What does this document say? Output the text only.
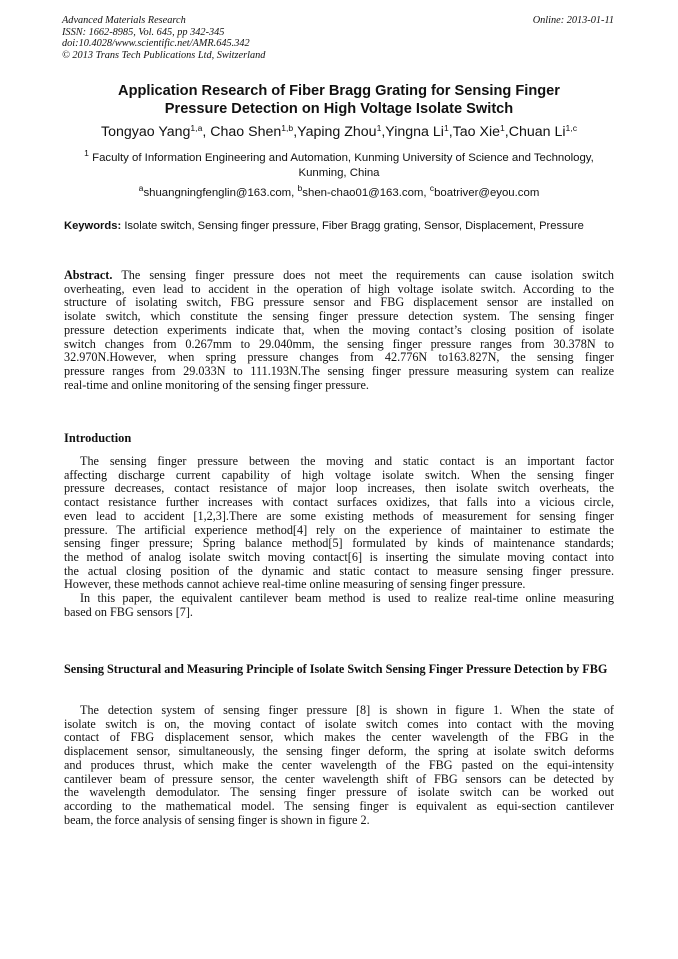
Advanced Materials Research
ISSN: 1662-8985, Vol. 645, pp 342-345
doi:10.4028/www.scientific.net/AMR.645.342
© 2013 Trans Tech Publications Ltd, Switzerland
Online: 2013-01-11
Application Research of Fiber Bragg Grating for Sensing Finger
Pressure Detection on High Voltage Isolate Switch
Tongyao Yang$^{1,a}$, Chao Shen$^{1,b}$,Yaping Zhou$^1$,Yingna Li$^1$,Tao Xie$^1$,Chuan Li$^{1,c}$
$^1$ Faculty of Information Engineering and Automation, Kunming University of Science and Technology, Kunming, China
$^a$shuangningfenglin@163.com, $^b$shen-chao01@163.com, $^c$boatriver@eyou.com
Keywords: Isolate switch, Sensing finger pressure, Fiber Bragg grating, Sensor, Displacement, Pressure
Abstract. The sensing finger pressure does not meet the requirements can cause isolation switch
overheating, even lead to accident in the operation of high voltage isolate switch. According to the
structure of isolating switch, FBG pressure sensor and FBG displacement sensor are installed on
isolate switch, which constitute the sensing finger pressure detection system. The sensing finger
pressure detection experiments indicate that, when the moving contact’s closing position of isolate
switch changes from 0.267mm to 29.040mm, the sensing finger pressure ranges from 30.378N to
32.970N.However, when spring pressure changes from 42.776N to163.827N, the sensing finger
pressure ranges from 29.033N to 111.193N.The sensing finger pressure measuring system can realize
real-time and online monitoring of the sensing finger pressure.
Introduction
The sensing finger pressure between the moving and static contact is an important factor
affecting discharge current capability of high voltage isolate switch. When the sensing finger
pressure decreases, contact resistance of major loop increases, then isolate switch overheats, the
contact resistance further increases with contact surfaces oxidizes, that falls into a vicious circle,
even lead to accident [1,2,3].There are some existing methods of measurement for sensing finger
pressure. The artificial experience method[4] rely on the experience of maintainer to estimate the
sensing finger pressure; Spring balance method[5] formulated by kinds of maintenance standards;
the method of analog isolate switch moving contact[6] is inserting the simulate moving contact into
the actual closing position of the dynamic and static contact to measure sensing finger pressure.
However, these methods cannot achieve real-time online measuring of sensing finger pressure.
In this paper, the equivalent cantilever beam method is used to realize real-time online measuring
based on FBG sensors [7].
Sensing Structural and Measuring Principle of Isolate Switch Sensing Finger Pressure Detection by FBG
The detection system of sensing finger pressure [8] is shown in figure 1. When the state of
isolate switch is on, the moving contact of isolate switch comes into contact with the moving
contact of FBG displacement sensor, which makes the center wavelength of the FBG in the
displacement sensor, simultaneously, the sensing finger deform, the spring at isolate switch deforms
and produces thrust, which make the center wavelength of the FBG pasted on the equi-intensity
cantilever beam of pressure sensor, the center wavelength shift of FBG sensors can be detected by
the wavelength demodulator. The sensing finger pressure of isolate switch can be worked out
according to the mathematical model. The sensing finger is equivalent as equi-section cantilever
beam, the force analysis of sensing finger is shown in figure 2.
